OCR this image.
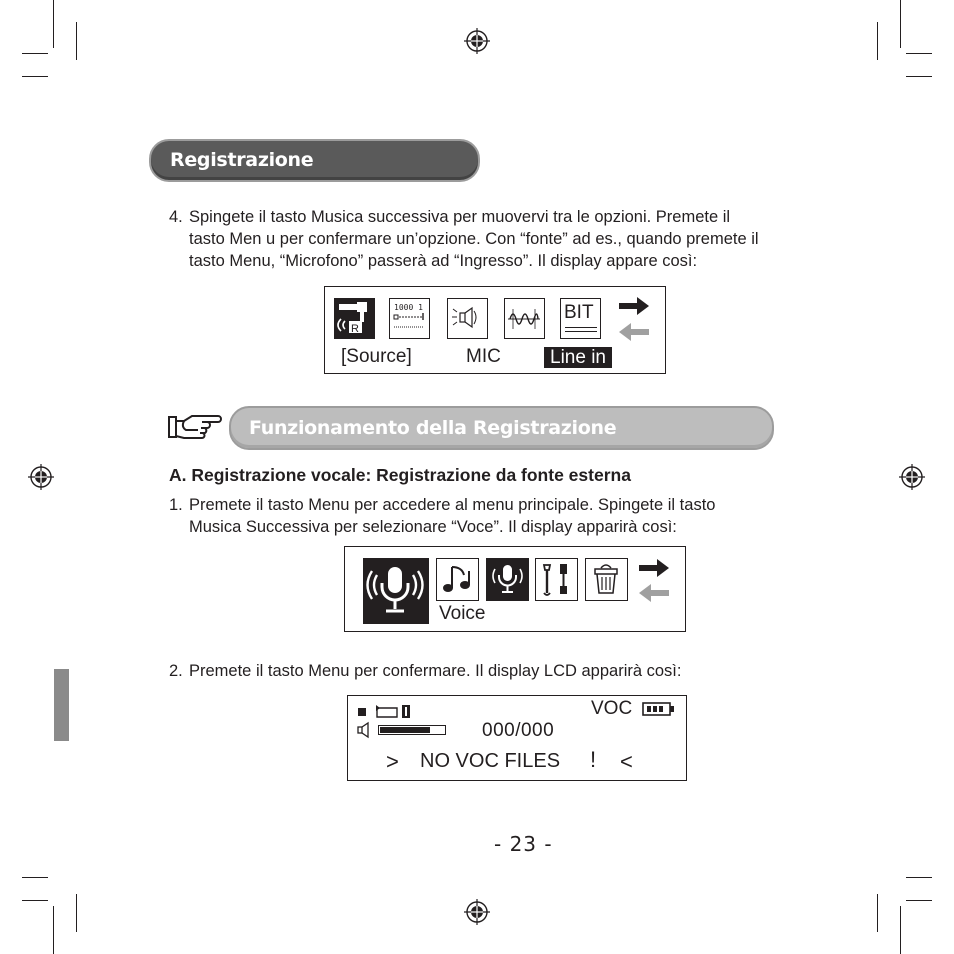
Registrazione
4. Spingete il tasto Musica successiva per muovervi tra le opzioni. Premete il
tasto Men u per confermare un’opzione. Con “fonte” ad es., quando premete il
tasto Menu, “Microfono” passerà ad “Ingresso”. Il display appare così:
R
1000 1	BIT
[Source]	MIC	Line in
Funzionamento della Registrazione
A. Registrazione vocale: Registrazione da fonte esterna
1. Premete il tasto Menu per accedere al menu principale. Spingete il tasto
Musica Successiva per selezionare “Voce”. Il display apparirà così:
Voice
2. Premete il tasto Menu per confermare. Il display LCD apparirà così:
VOC
000/000
> NO VOC FILES ! <
- 23 -
